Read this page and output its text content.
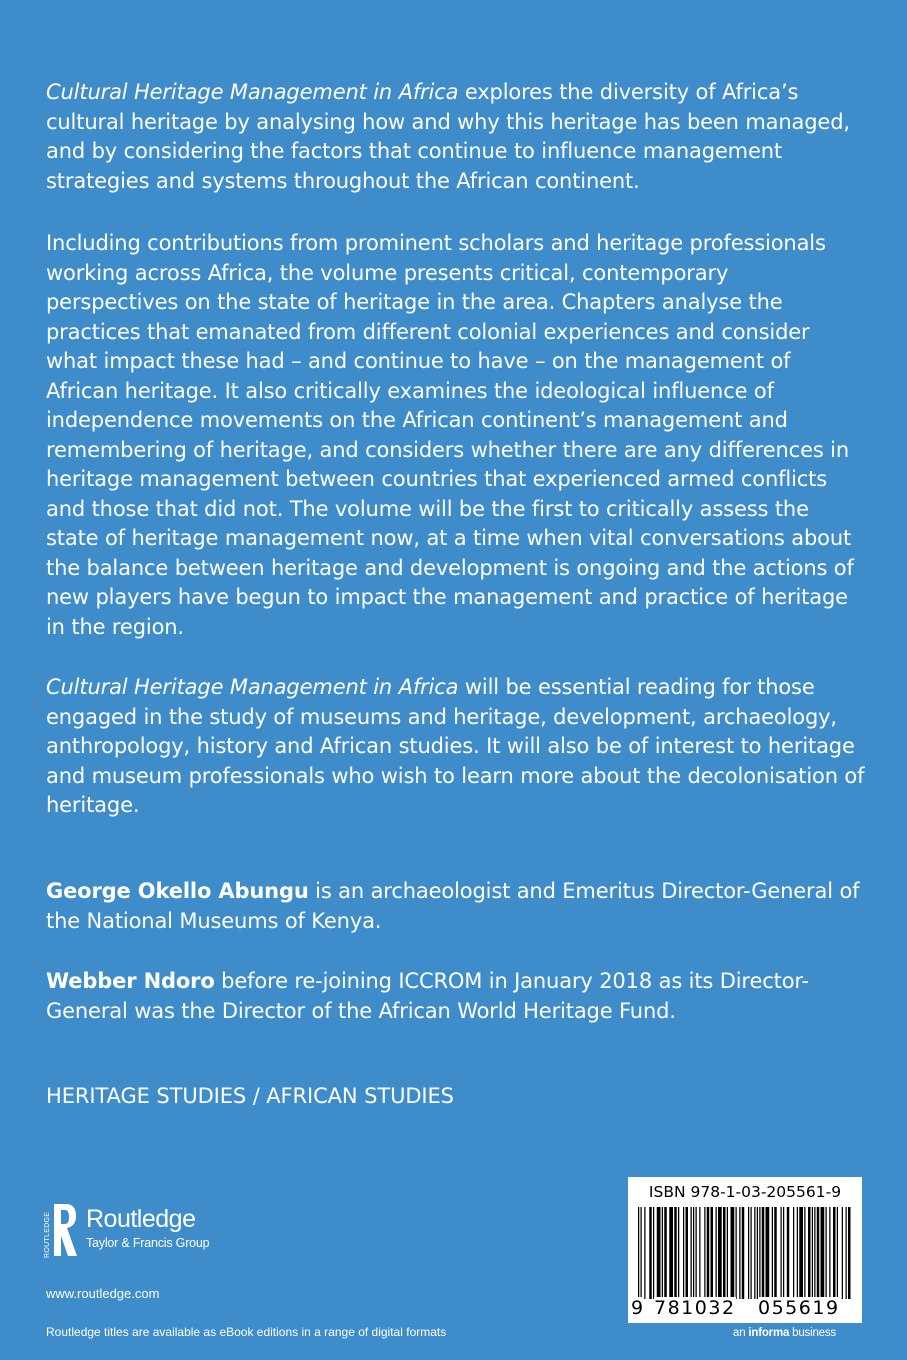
Cultural Heritage Management in Africa explores the diversity of Africa’s cultural heritage by analysing how and why this heritage has been managed, and by considering the factors that continue to influence management strategies and systems throughout the African continent.

Including contributions from prominent scholars and heritage professionals working across Africa, the volume presents critical, contemporary perspectives on the state of heritage in the area. Chapters analyse the practices that emanated from different colonial experiences and consider what impact these had – and continue to have – on the management of African heritage. It also critically examines the ideological influence of independence movements on the African continent’s management and remembering of heritage, and considers whether there are any differences in heritage management between countries that experienced armed conflicts and those that did not. The volume will be the first to critically assess the state of heritage management now, at a time when vital conversations about the balance between heritage and development is ongoing and the actions of new players have begun to impact the management and practice of heritage in the region.

Cultural Heritage Management in Africa will be essential reading for those engaged in the study of museums and heritage, development, archaeology, anthropology, history and African studies. It will also be of interest to heritage and museum professionals who wish to learn more about the decolonisation of heritage.

George Okello Abungu is an archaeologist and Emeritus Director-General of the National Museums of Kenya.

Webber Ndoro before re-joining ICCROM in January 2018 as its Director-General was the Director of the African World Heritage Fund.

HERITAGE STUDIES / AFRICAN STUDIES
ROUTLEDGE Routledge
Taylor & Francis Group
www.routledge.com
Routledge titles are available as eBook editions in a range of digital formats
ISBN 978-1-03-205561-9
9 781032 055619
an informa business
